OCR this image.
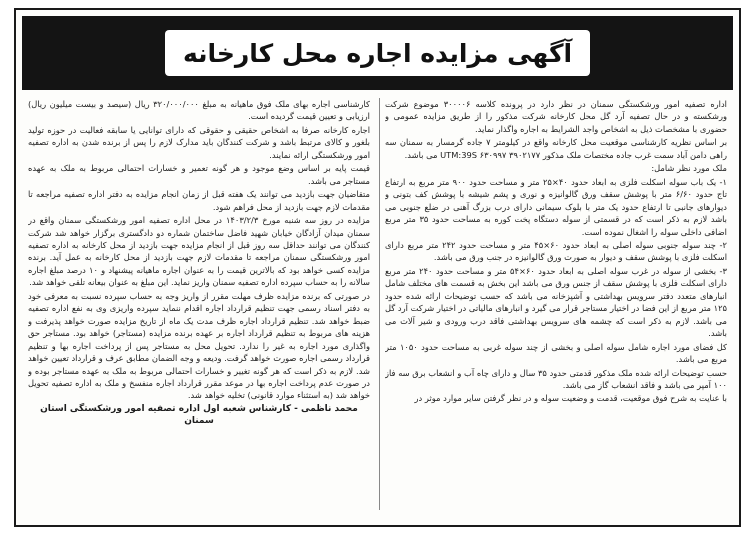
آگهی مزایده اجاره محل کارخانه

اداره تصفیه امور ورشکستگی سمنان در نظر دارد در پرونده کلاسه ۳۰۰۰۰۶ موضوع شرکت ورشکسته و در حال تصفیه آرد گل محل کارخانه شرکت مذکور را از طریق مزایده عمومی و حضوری با مشخصات ذیل به اشخاص واجد الشرایط به اجاره واگذار نماید.

بر اساس نظریه کارشناسی موقعیت محل کارخانه واقع در کیلومتر ۷ جاده گرمسار به سمنان سه راهی دامن آباد سمت غرب جاده مختصات ملک مذکور UTM:39S ۶۳۰۹۹۷ ۳۹۰۲۱۷۷ می باشد.

ملک مورد نظر شامل:

۱- یک باب سوله اسکلت فلزی به ابعاد حدود ۴۰×۲۵ متر و مساحت حدود ۹۰۰ متر مربع به ارتفاع تاج حدود ۶/۶۰ متر با پوشش سقف ورق گالوانیزه و نوری و پشم شیشه با پوشش کف بتونی و دیوارهای جانبی تا ارتفاع حدود یک متر با بلوک سیمانی دارای درب بزرگ آهنی در ضلع جنوبی می باشد لازم به ذکر است که در قسمتی از سوله دستگاه پخت کوره به مساحت حدود ۳۵ متر مربع اضافی داخلی سوله را اشغال نموده است.

۲- چند سوله جنوبی سوله اصلی به ابعاد حدود ۶۰×۴۵ متر و مساحت حدود ۲۴۲ متر مربع دارای اسکلت فلزی با پوشش سقف و دیوار به صورت ورق گالوانیزه در جنب ورق می باشد.

۳- بخشی از سوله در غرب سوله اصلی به ابعاد حدود ۶۰×۵۴ متر و مساحت حدود ۲۴۰ متر مربع دارای اسکلت فلزی با پوشش سقف از جنس ورق می باشد این بخش به قسمت های مختلف شامل انبارهای متعدد دفتر سرویس بهداشتی و آشپزخانه می باشد که حسب توضیحات ارائه شده حدود ۱۲۵ متر مربع از این فضا در اختیار مستاجر قرار می گیرد و انبارهای مالیاتی در اختیار شرکت آرد گل می باشد. لازم به ذکر است که چشمه های سرویس بهداشتی فاقد درب ورودی و شیر آلات می باشد.

کل فضای مورد اجاره شامل سوله اصلی و بخشی از چند سوله غربی به مساحت حدود ۱۰۵۰ متر مربع می باشد.

حسب توضیحات ارائه شده ملک مذکور قدمتی حدود ۳۵ سال و دارای چاه آب و انشعاب برق سه فاز ۱۰۰ آمپر می باشد و فاقد انشعاب گاز می باشد.

با عنایت به شرح فوق موقعیت، قدمت و وضعیت سوله و در نظر گرفتن سایر موارد موثر در

کارشناسی اجاره بهای ملک فوق ماهیانه به مبلغ ۳۲۰/۰۰۰/۰۰۰ ریال (سیصد و بیست میلیون ریال) ارزیابی و تعیین قیمت گردیده است.

اجاره کارخانه صرفا به اشخاص حقیقی و حقوقی که دارای توانایی یا سابقه فعالیت در حوزه تولید بلغور و کالای مرتبط باشد و شرکت کنندگان باید مدارک لازم را پس از برنده شدن به اداره تصفیه امور ورشکستگی ارائه نمایند.

قیمت پایه بر اساس وضع موجود و هر گونه تعمیر و خسارات احتمالی مربوط به ملک به عهده مستاجر می باشد.

متقاضیان جهت بازدید می توانند یک هفته قبل از زمان انجام مزایده به دفتر اداره تصفیه مراجعه تا مقدمات لازم جهت بازدید از محل فراهم شود.

مزایده در روز سه شنبه مورخ ۱۴۰۳/۲/۳ در محل اداره تصفیه امور ورشکستگی سمنان واقع در سمنان میدان آزادگان خیابان شهید فاضل ساختمان شماره دو دادگستری برگزار خواهد شد شرکت کنندگان می توانند حداقل سه روز قبل از انجام مزایده جهت بازدید از محل کارخانه به اداره تصفیه امور ورشکستگی سمنان مراجعه تا مقدمات لازم جهت بازدید از محل کارخانه به عمل آید. برنده مزایده کسی خواهد بود که بالاترین قیمت را به عنوان اجاره ماهیانه پیشنهاد و ۱۰ درصد مبلغ اجاره سالانه را به حساب سپرده اداره تصفیه سمنان واریز نماید. این مبلغ به عنوان بیعانه تلقی خواهد شد.

در صورتی که برنده مزایده ظرف مهلت مقرر از واریز وجه به حساب سپرده نسبت به معرفی خود به دفتر اسناد رسمی جهت تنظیم قرارداد اجاره اقدام ننماید سپرده واریزی وی به نفع اداره تصفیه ضبط خواهد شد. تنظیم قرارداد اجاره ظرف مدت یک ماه از تاریخ مزایده صورت خواهد پذیرفت و هزینه های مربوط به تنظیم قرارداد اجاره بر عهده برنده مزایده (مستاجر) خواهد بود. مستاجر حق واگذاری مورد اجاره به غیر را ندارد. تحویل محل به مستاجر پس از پرداخت اجاره بها و تنظیم قرارداد رسمی اجاره صورت خواهد گرفت. ودیعه و وجه الضمان مطابق عرف و قرارداد تعیین خواهد شد. لازم به ذکر است که هر گونه تغییر و خسارات احتمالی مربوط به ملک به عهده مستاجر بوده و در صورت عدم پرداخت اجاره بها در موعد مقرر قرارداد اجاره منفسخ و ملک به اداره تصفیه تحویل خواهد شد (به استثناء موارد قانونی) تخلیه خواهد شد.

محمد ناظمی - کارشناس شعبه اول اداره تصفیه امور ورشکستگی استان سمنان
